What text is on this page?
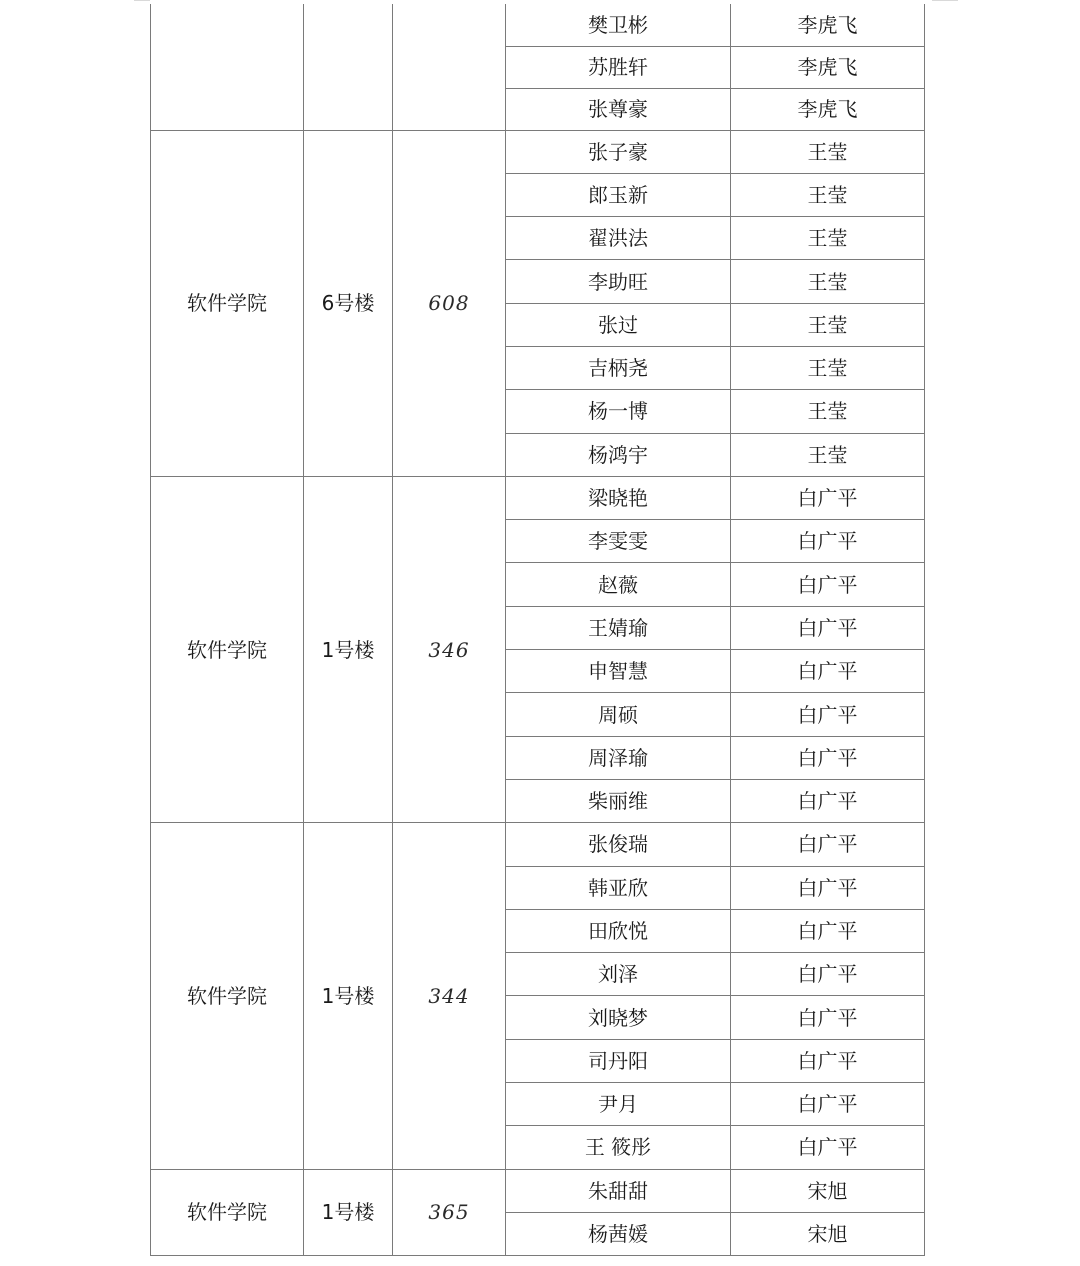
			樊卫彬	李虎飞
			苏胜轩	李虎飞
			张尊豪	李虎飞
软件学院	6号楼	608	张子豪	王莹
			郎玉新	王莹
			翟洪法	王莹
			李助旺	王莹
			张过	王莹
			吉柄尧	王莹
			杨一博	王莹
			杨鸿宇	王莹
软件学院	1号楼	346	梁晓艳	白广平
			李雯雯	白广平
			赵薇	白广平
			王婧瑜	白广平
			申智慧	白广平
			周硕	白广平
			周泽瑜	白广平
			柴丽维	白广平
软件学院	1号楼	344	张俊瑞	白广平
			韩亚欣	白广平
			田欣悦	白广平
			刘泽	白广平
			刘晓梦	白广平
			司丹阳	白广平
			尹月	白广平
			王 筱彤	白广平
软件学院	1号楼	365	朱甜甜	宋旭
			杨茜媛	宋旭
